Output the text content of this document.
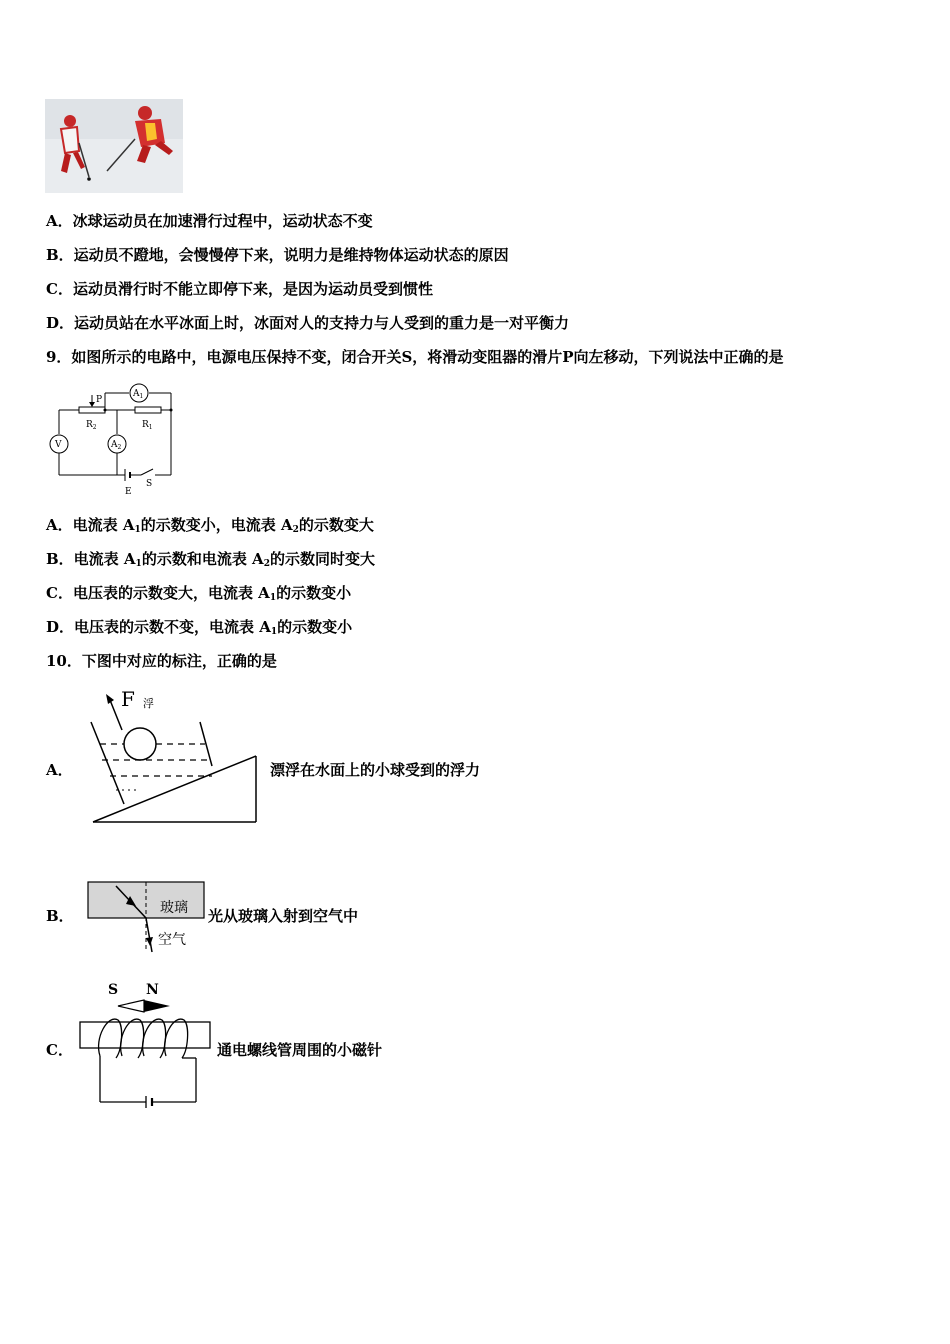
A．冰球运动员在加速滑行过程中，运动状态不变
B．运动员不蹬地，会慢慢停下来，说明力是维持物体运动状态的原因
C．运动员滑行时不能立即停下来，是因为运动员受到惯性
D．运动员站在水平冰面上时，冰面对人的支持力与人受到的重力是一对平衡力
9．如图所示的电路中，电源电压保持不变，闭合开关S，将滑动变阻器的滑片P向左移动，下列说法中正确的是
P
$R_2$	$R_1$
V
$A_1$
$A_2$
E
S
A．电流表 $A_1$的示数变小，电流表 $A_2$的示数变大
B．电流表 $A_1$的示数和电流表 $A_2$的示数同时变大
C．电压表的示数变大，电流表 $A_1$的示数变小
D．电压表的示数不变，电流表 $A_1$的示数变小
10．下图中对应的标注，正确的是
A．
F 浮
漂浮在水面上的小球受到的浮力
B．	玻璃
空气
光从玻璃入射到空气中
C．
S N
通电螺线管周围的小磁针
